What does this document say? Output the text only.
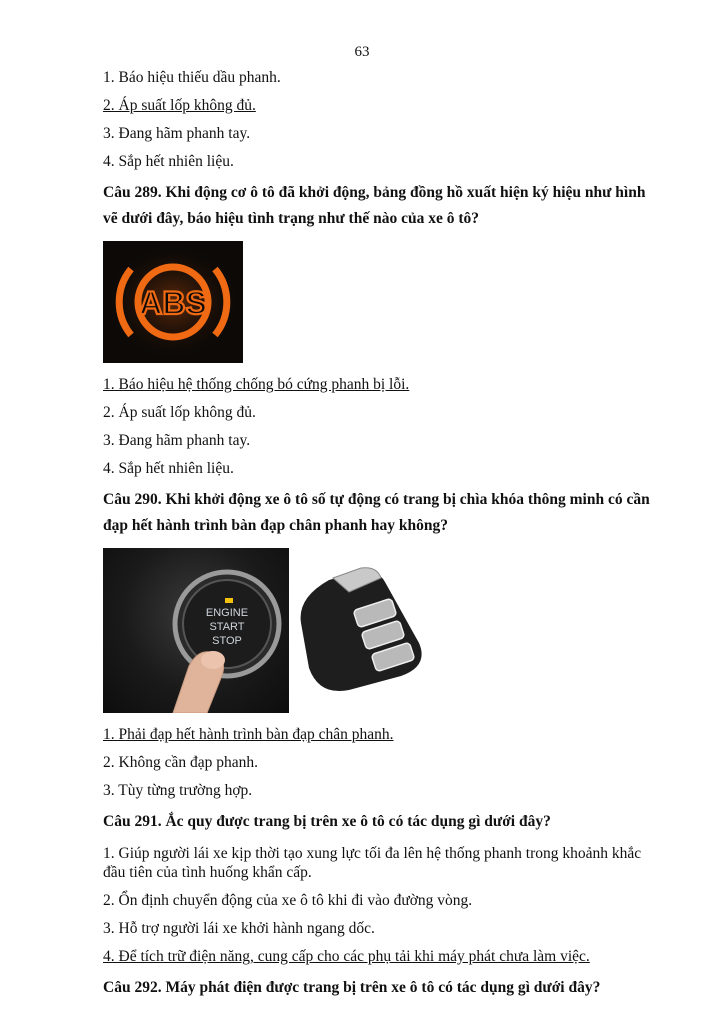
63
1. Báo hiệu thiếu dầu phanh.
2. Áp suất lốp không đủ.
3. Đang hãm phanh tay.
4. Sắp hết nhiên liệu.
Câu 289. Khi động cơ ô tô đã khởi động, bảng đồng hồ xuất hiện ký hiệu như hình vẽ dưới đây, báo hiệu tình trạng như thế nào của xe ô tô?
ABS
1. Báo hiệu hệ thống chống bó cứng phanh bị lỗi.
2. Áp suất lốp không đủ.
3. Đang hãm phanh tay.
4. Sắp hết nhiên liệu.
Câu 290. Khi khởi động xe ô tô số tự động có trang bị chìa khóa thông minh có cần đạp hết hành trình bàn đạp chân phanh hay không?
ENGINE
START
STOP
1. Phải đạp hết hành trình bàn đạp chân phanh.
2. Không cần đạp phanh.
3. Tùy từng trường hợp.
Câu 291. Ắc quy được trang bị trên xe ô tô có tác dụng gì dưới đây?
1. Giúp người lái xe kịp thời tạo xung lực tối đa lên hệ thống phanh trong khoảnh khắc đầu tiên của tình huống khẩn cấp.
2. Ổn định chuyển động của xe ô tô khi đi vào đường vòng.
3. Hỗ trợ người lái xe khởi hành ngang dốc.
4. Để tích trữ điện năng, cung cấp cho các phụ tải khi máy phát chưa làm việc.
Câu 292. Máy phát điện được trang bị trên xe ô tô có tác dụng gì dưới đây?
